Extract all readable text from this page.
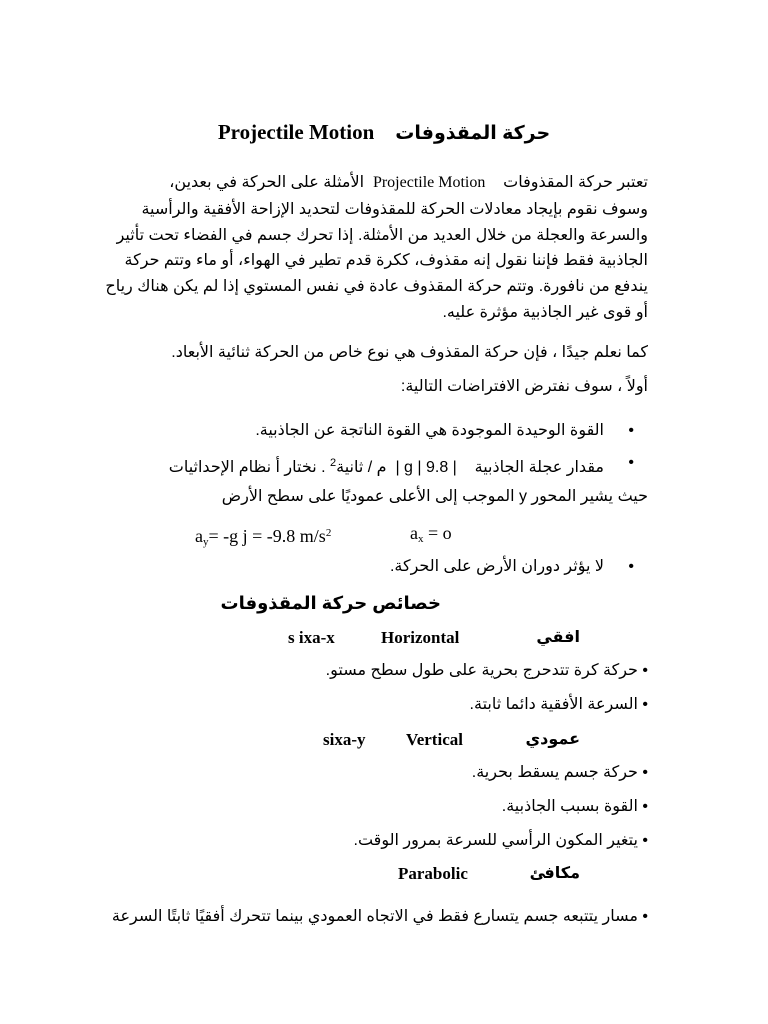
Projectile Motion حركة المقذوفات
تعتبر حركة المقذوفات    Projectile Motion  الأمثلة على الحركة في بعدين،
وسوف نقوم بإيجاد معادلات الحركة للمقذوفات لتحديد الإزاحة الأفقية والرأسية
والسرعة والعجلة من خلال العديد من الأمثلة. إذا تحرك جسم في الفضاء تحت تأثير
الجاذبية فقط فإننا نقول إنه مقذوف، ككرة قدم تطير في الهواء، أو ماء وتتم حركة
يندفع من نافورة. وتتم حركة المقذوف عادة في نفس المستوي إذا لم يكن هناك رياح
أو قوى غير الجاذبية مؤثرة عليه.
كما نعلم جيدًا ، فإن حركة المقذوف هي نوع خاص من الحركة ثنائية الأبعاد.
أولاً ، سوف نفترض الافتراضات التالية:
•
القوة الوحيدة الموجودة هي القوة الناتجة عن الجاذبية.
•
مقدار عجلة الجاذبية    | g | 9.8 |  م / ثانية$^2$ . نختار أ نظام الإحداثيات
حيث يشير المحور y الموجب إلى الأعلى عموديًا على سطح الأرض
$a_y= -g$ j = -9.8 $m/s^2$	$a_x = o$
•
لا يؤثر دوران الأرض على الحركة.
خصائص حركة المقذوفات
افقي
Horizontal
s ixa-x
• حركة كرة تتدحرج بحرية على طول سطح مستو.
• السرعة الأفقية دائما ثابتة.
عمودي
Vertical
sixa-y
• حركة جسم يسقط بحرية.
• القوة بسبب الجاذبية.
• يتغير المكون الرأسي للسرعة بمرور الوقت.
مكافئ
Parabolic
• مسار يتتبعه جسم يتسارع فقط في الاتجاه العمودي بينما تتحرك أفقيًا ثابتًا السرعة
